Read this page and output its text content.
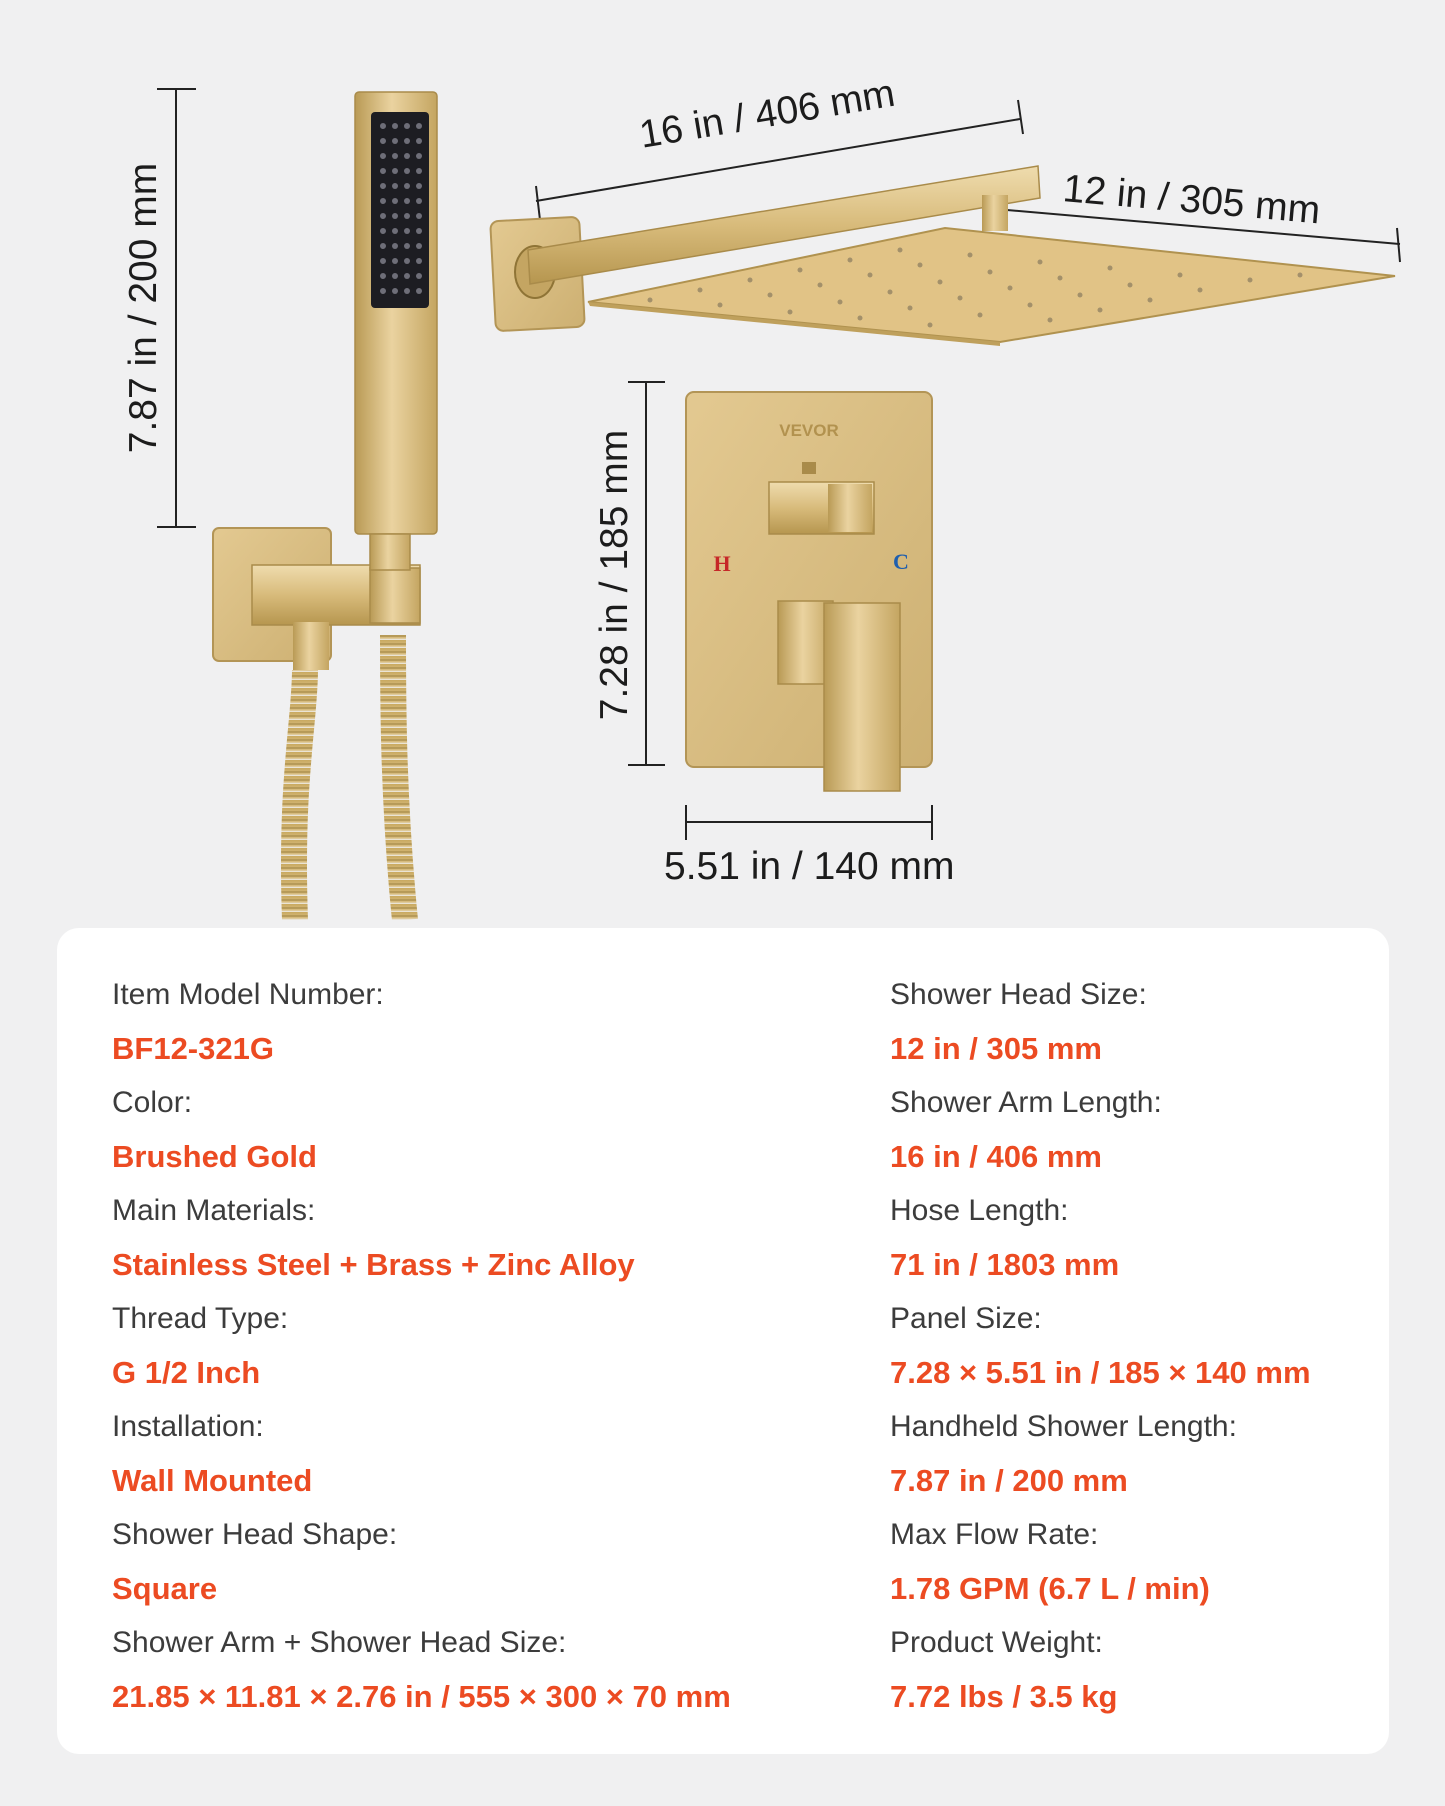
VEVOR
H	C
7.87 in / 200 mm
16 in / 406 mm
12 in / 305 mm
7.28 in / 185 mm
5.51 in / 140 mm
Item Model Number:
BF12-321G
Color:
Brushed Gold
Main Materials:
Stainless Steel + Brass + Zinc Alloy
Thread Type:
G 1/2 Inch
Installation:
Wall Mounted
Shower Head Shape:
Square
Shower Arm + Shower Head Size:
21.85 × 11.81 × 2.76 in / 555 × 300 × 70 mm
Shower Head Size:
12 in / 305 mm
Shower Arm Length:
16 in / 406 mm
Hose Length:
71 in / 1803 mm
Panel Size:
7.28 × 5.51 in / 185 × 140 mm
Handheld Shower Length:
7.87 in / 200 mm
Max Flow Rate:
1.78 GPM (6.7 L / min)
Product Weight:
7.72 lbs / 3.5 kg
